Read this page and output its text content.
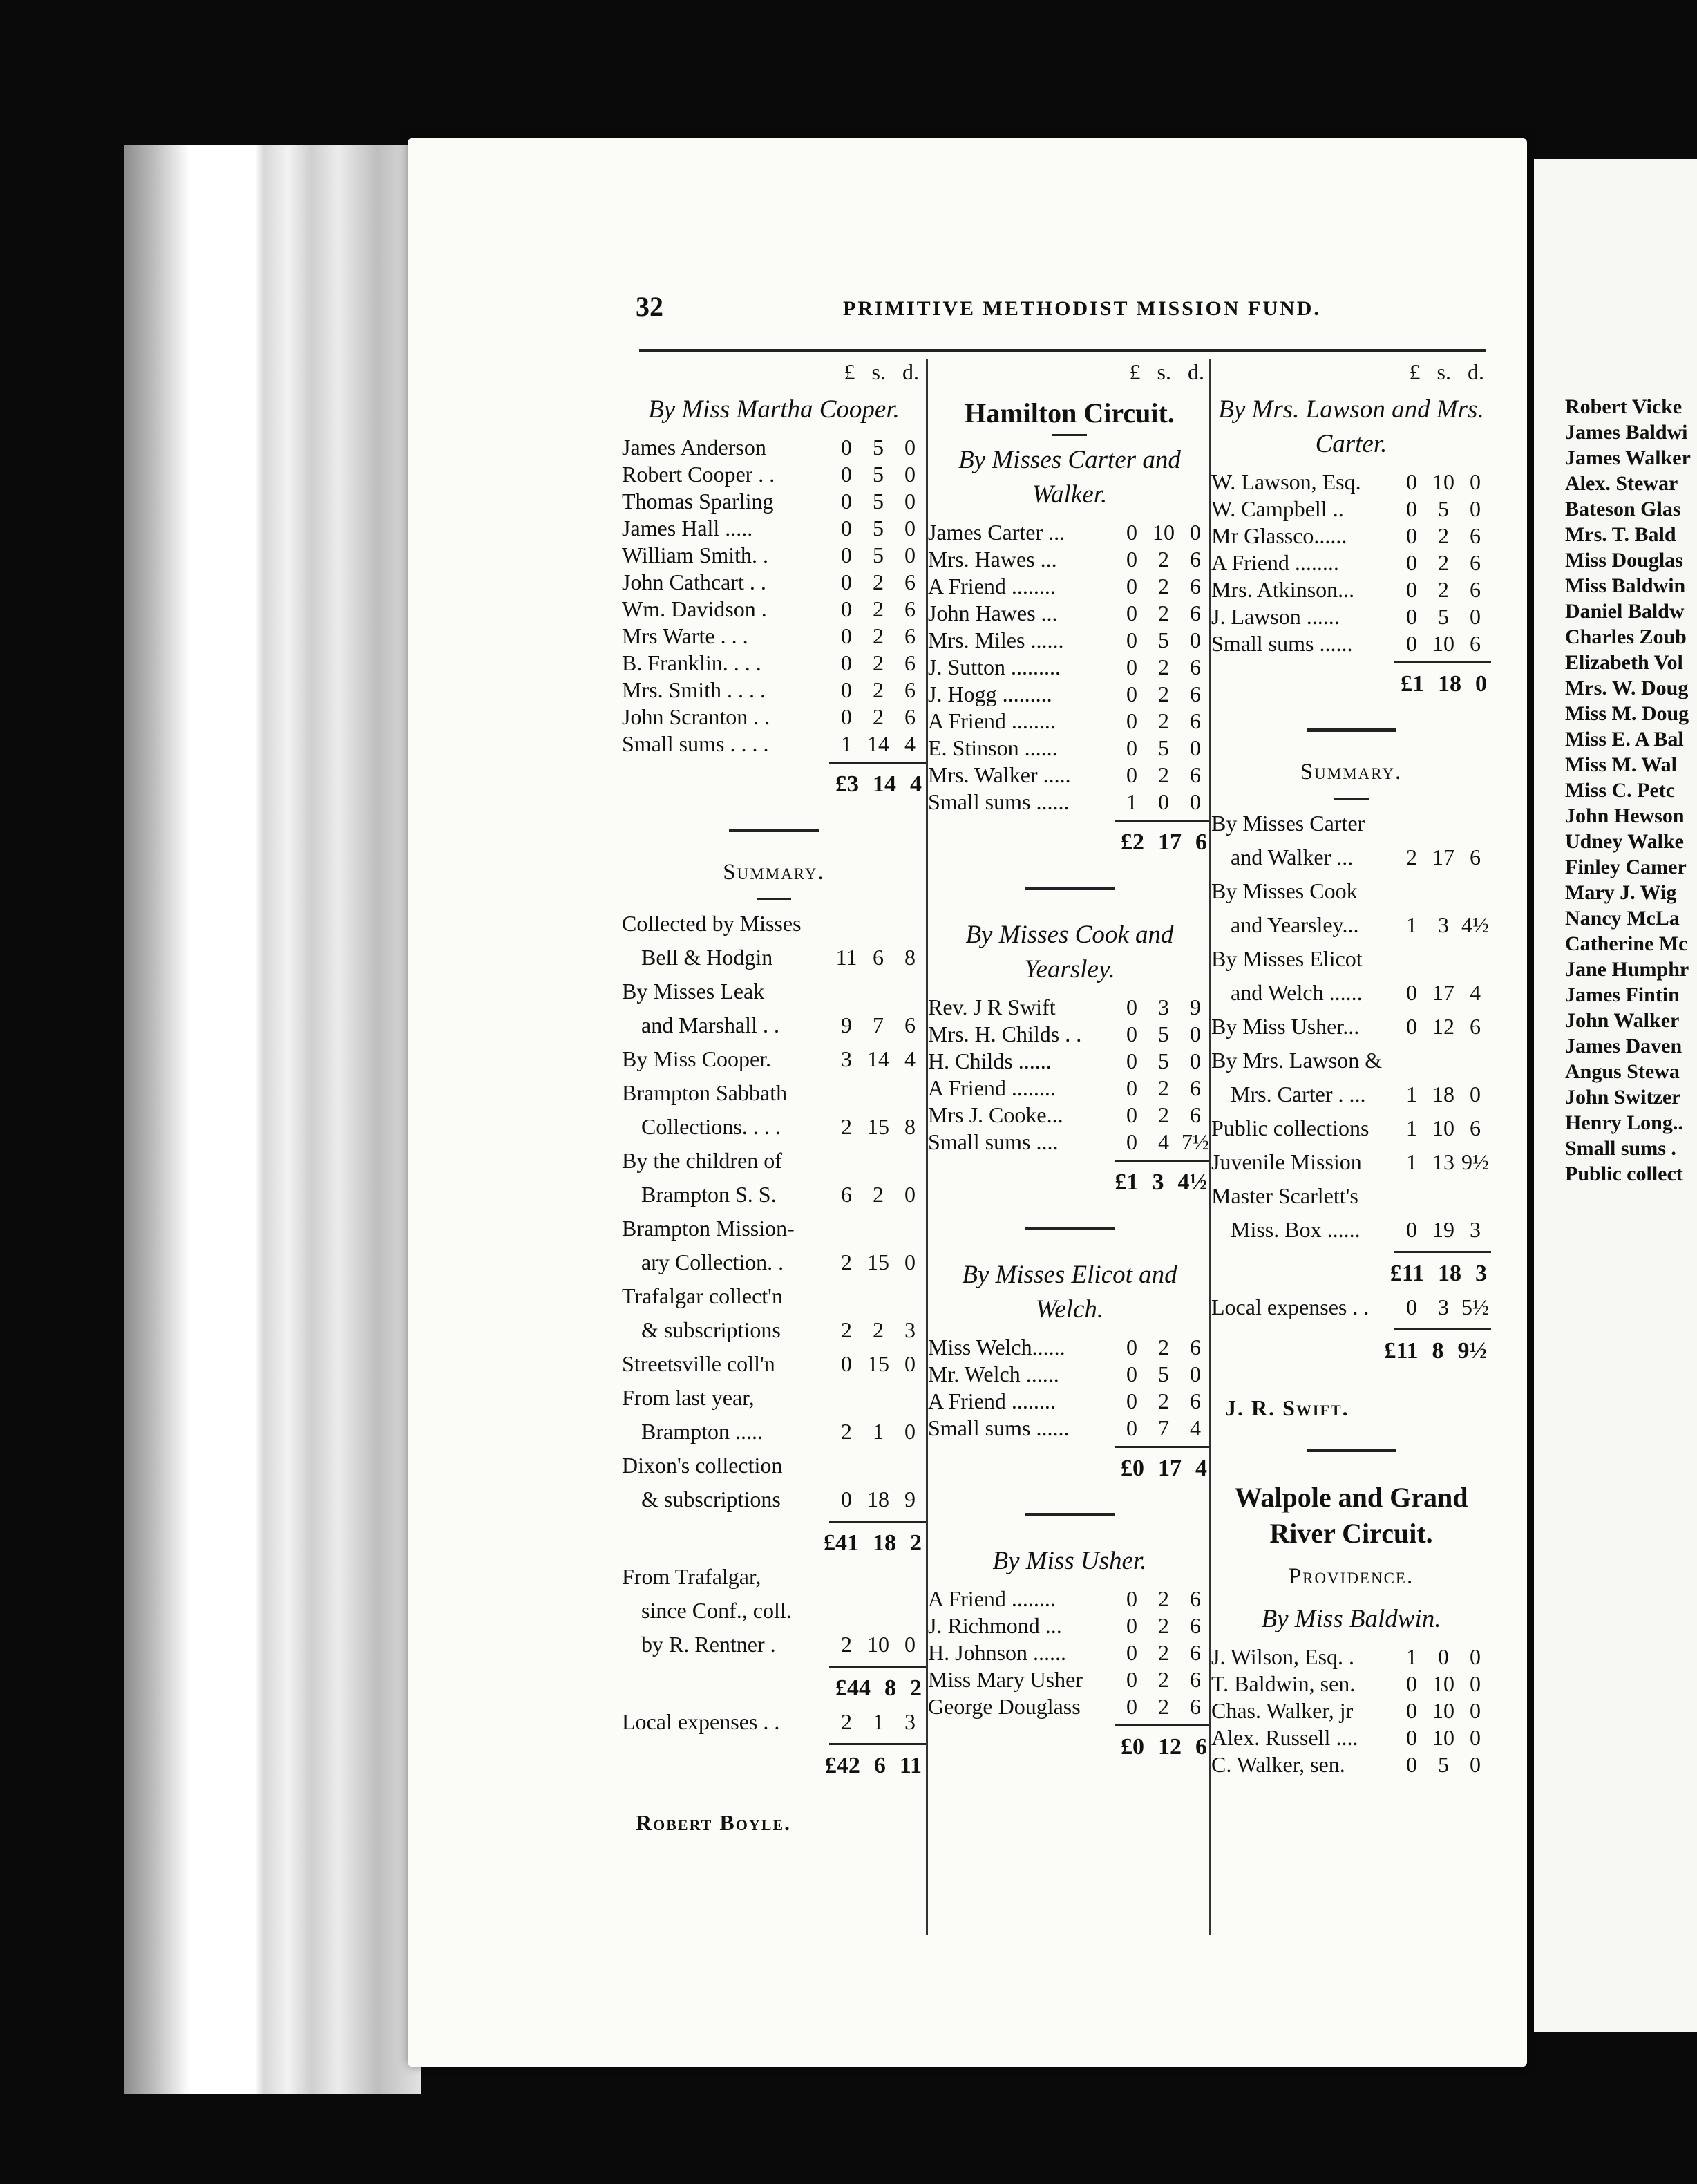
32	PRIMITIVE METHODIST MISSION FUND.
£ s. d.
By Miss Martha Cooper.
James Anderson	0 5 0
Robert Cooper . .	0 5 0
Thomas Sparling	0 5 0
James Hall .....	0 5 0
William Smith. .	0 5 0
John Cathcart . .	0 2 6
Wm. Davidson .	0 2 6
Mrs Warte . . .	0 2 6
B. Franklin. . . .	0 2 6
Mrs. Smith . . . .	0 2 6
John Scranton . .	0 2 6
Small sums . . . .	1 14 4
£3 14 4
Summary.
Collected by Misses
Bell & Hodgin	11 6 8
By Misses Leak
and Marshall . .	9 7 6
By Miss Cooper.	3 14 4
Brampton Sabbath
Collections. . . .	2 15 8
By the children of
Brampton S. S.	6 2 0
Brampton Mission-
ary Collection. .	2 15 0
Trafalgar collect'n
& subscriptions	2 2 3
Streetsville coll'n	0 15 0
From last year,
Brampton .....	2 1 0
Dixon's collection
& subscriptions	0 18 9
£41 18 2
From Trafalgar,
since Conf., coll.
by R. Rentner .	2 10 0
£44 8 2
Local expenses . .	2 1 3
£42 6 11
Robert Boyle.
£ s. d.
Hamilton Circuit.
By Misses Carter and Walker.
James Carter ...	0 10 0
Mrs. Hawes ...	0 2 6
A Friend ........	0 2 6
John Hawes ...	0 2 6
Mrs. Miles ......	0 5 0
J. Sutton .........	0 2 6
J. Hogg .........	0 2 6
A Friend ........	0 2 6
E. Stinson ......	0 5 0
Mrs. Walker .....	0 2 6
Small sums ......	1 0 0
£2 17 6
By Misses Cook and Yearsley.
Rev. J R Swift	0 3 9
Mrs. H. Childs . .	0 5 0
H. Childs ......	0 5 0
A Friend ........	0 2 6
Mrs J. Cooke...	0 2 6
Small sums ....	0 4 7½
£1 3 4½
By Misses Elicot and Welch.
Miss Welch......	0 2 6
Mr. Welch ......	0 5 0
A Friend ........	0 2 6
Small sums ......	0 7 4
£0 17 4
By Miss Usher.
A Friend ........	0 2 6
J. Richmond ...	0 2 6
H. Johnson ......	0 2 6
Miss Mary Usher	0 2 6
George Douglass	0 2 6
£0 12 6
£ s. d.
By Mrs. Lawson and Mrs. Carter.
W. Lawson, Esq.	0 10 0
W. Campbell ..	0 5 0
Mr Glassco......	0 2 6
A Friend ........	0 2 6
Mrs. Atkinson...	0 2 6
J. Lawson ......	0 5 0
Small sums ......	0 10 6
£1 18 0
Summary.
By Misses Carter
and Walker ...	2 17 6
By Misses Cook
and Yearsley...	1 3 4½
By Misses Elicot
and Welch ......	0 17 4
By Miss Usher...	0 12 6
By Mrs. Lawson &
Mrs. Carter . ...	1 18 0
Public collections	1 10 6
Juvenile Mission	1 13 9½
Master Scarlett's
Miss. Box ......	0 19 3
£11 18 3
Local expenses . .	0 3 5½
£11 8 9½
J. R. Swift.
Walpole and Grand River Circuit.
Providence.
By Miss Baldwin.
J. Wilson, Esq. .	1 0 0
T. Baldwin, sen.	0 10 0
Chas. Walker, jr	0 10 0
Alex. Russell ....	0 10 0
C. Walker, sen.	0 5 0
Robert Vicke
James Baldwi
James Walker
Alex. Stewar
Bateson Glas
Mrs. T. Bald
Miss Douglas
Miss Baldwin
Daniel Baldw
Charles Zoub
Elizabeth Vol
Mrs. W. Doug
Miss M. Doug
Miss E. A Bal
Miss M. Wal
Miss C. Petc
John Hewson
Udney Walke
Finley Camer
Mary J. Wig
Nancy McLa
Catherine Mc
Jane Humphr
James Fintin
John Walker
James Daven
Angus Stewa
John Switzer
Henry Long..
Small sums .
Public collect
